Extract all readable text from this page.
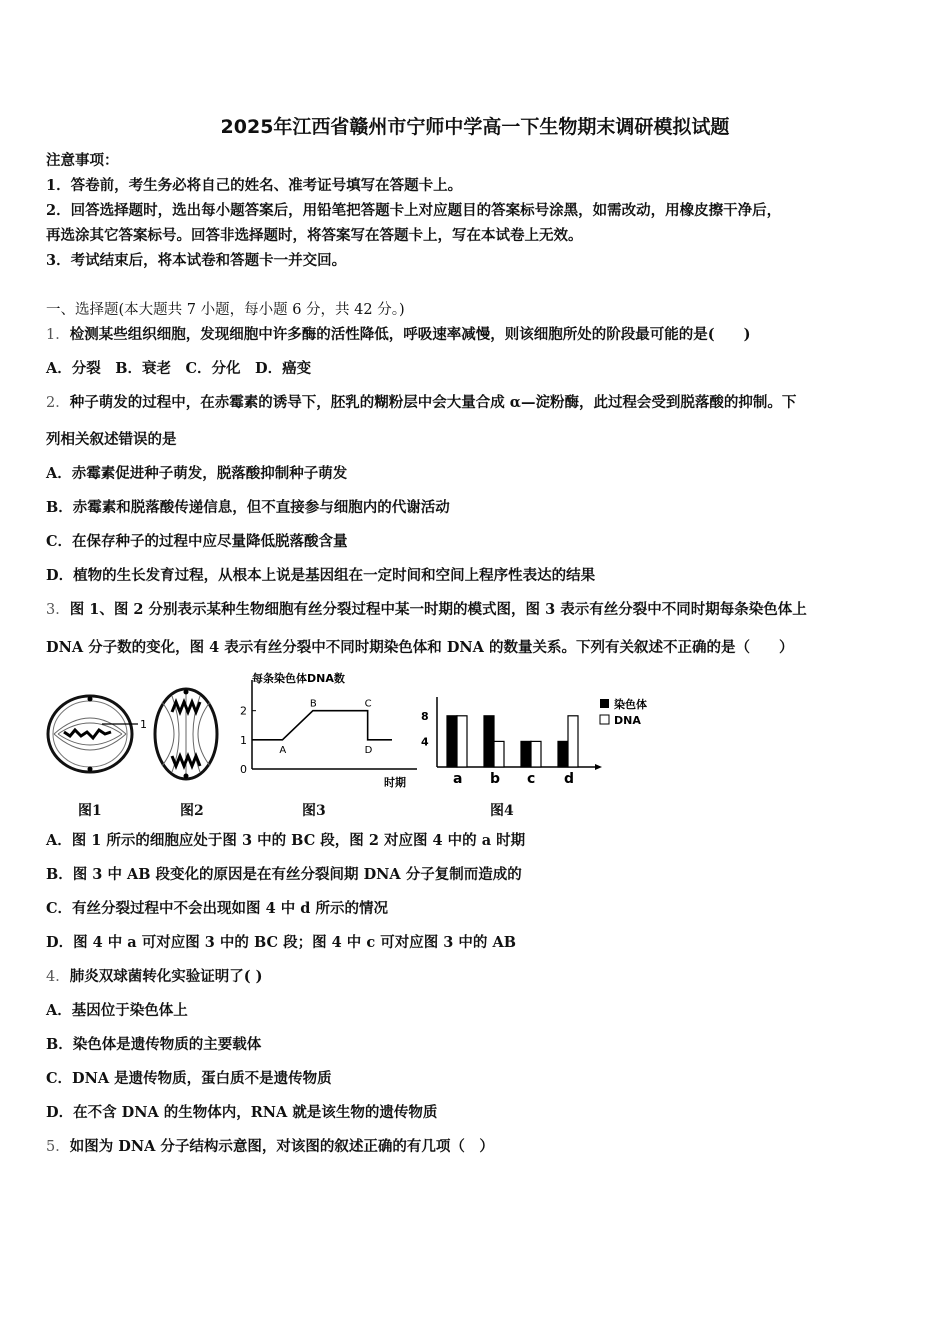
2025年江西省赣州市宁师中学高一下生物期末调研模拟试题
注意事项：
1．答卷前，考生务必将自己的姓名、准考证号填写在答题卡上。
2．回答选择题时，选出每小题答案后，用铅笔把答题卡上对应题目的答案标号涂黑，如需改动，用橡皮擦干净后，
再选涂其它答案标号。回答非选择题时，将答案写在答题卡上，写在本试卷上无效。
3．考试结束后，将本试卷和答题卡一并交回。
一、选择题(本大题共 7 小题，每小题 6 分，共 42 分。)
1．检测某些组织细胞，发现细胞中许多酶的活性降低，呼吸速率减慢，则该细胞所处的阶段最可能的是(　　)
A．分裂　B．衰老　C．分化　D．癌变
2．种子萌发的过程中，在赤霉素的诱导下，胚乳的糊粉层中会大量合成 α—淀粉酶，此过程会受到脱落酸的抑制。下
列相关叙述错误的是
A．赤霉素促进种子萌发，脱落酸抑制种子萌发
B．赤霉素和脱落酸传递信息，但不直接参与细胞内的代谢活动
C．在保存种子的过程中应尽量降低脱落酸含量
D．植物的生长发育过程，从根本上说是基因组在一定时间和空间上程序性表达的结果
3．图 1、图 2 分别表示某种生物细胞有丝分裂过程中某一时期的模式图，图 3 表示有丝分裂中不同时期每条染色体上
DNA 分子数的变化，图 4 表示有丝分裂中不同时期染色体和 DNA 的数量关系。下列有关叙述不正确的是（　　）
1
每条染色体DNA数
0
1
2
A
B	C
D
时期
4
8
a b c d
染色体
DNA
图1	图2	图3	图4
A．图 1 所示的细胞应处于图 3 中的 BC 段，图 2 对应图 4 中的 a 时期
B．图 3 中 AB 段变化的原因是在有丝分裂间期 DNA 分子复制而造成的
C．有丝分裂过程中不会出现如图 4 中 d 所示的情况
D．图 4 中 a 可对应图 3 中的 BC 段；图 4 中 c 可对应图 3 中的 AB
4．肺炎双球菌转化实验证明了( )
A．基因位于染色体上
B．染色体是遗传物质的主要载体
C．DNA 是遗传物质，蛋白质不是遗传物质
D．在不含 DNA 的生物体内，RNA 就是该生物的遗传物质
5．如图为 DNA 分子结构示意图，对该图的叙述正确的有几项（　）
